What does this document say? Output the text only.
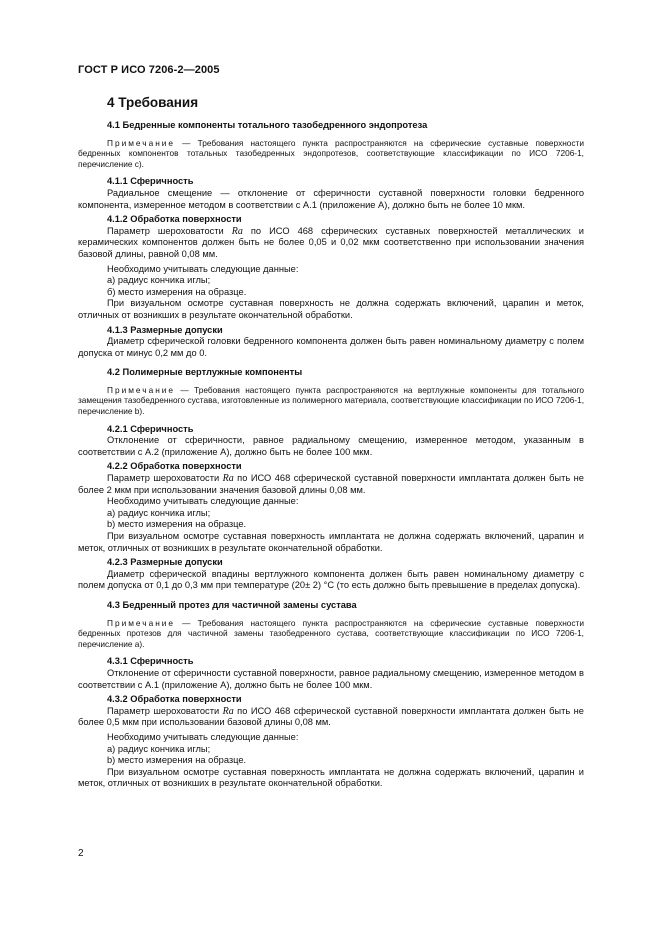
ГОСТ Р ИСО 7206-2—2005
4 Требования
4.1 Бедренные компоненты тотального тазобедренного эндопротеза
Примечание — Требования настоящего пункта распространяются на сферические суставные поверхности бедренных компонентов тотальных тазобедренных эндопротезов, соответствующие классификации по ИСО 7206-1, перечисление с).
4.1.1 Сферичность

Радиальное смещение — отклонение от сферичности суставной поверхности головки бедренного компонента, измеренное методом в соответствии с А.1 (приложение А), должно быть не более 10 мкм.

4.1.2 Обработка поверхности

Параметр шероховатости Ra по ИСО 468 сферических суставных поверхностей металлических и керамических компонентов должен быть не более 0,05 и 0,02 мкм соответственно при использовании значения базовой длины, равной 0,08 мм.

Необходимо учитывать следующие данные:

а) радиус кончика иглы;
б) место измерения на образце.

При визуальном осмотре суставная поверхность не должна содержать включений, царапин и меток, отличных от возникших в результате окончательной обработки.

4.1.3 Размерные допуски

Диаметр сферической головки бедренного компонента должен быть равен номинальному диаметру с полем допуска от минус 0,2 мм до 0.

4.2 Полимерные вертлужные компоненты
Примечание — Требования настоящего пункта распространяются на вертлужные компоненты для тотального замещения тазобедренного сустава, изготовленные из полимерного материала, соответствующие классификации по ИСО 7206-1, перечисление b).
4.2.1 Сферичность

Отклонение от сферичности, равное радиальному смещению, измеренное методом, указанным в соответствии с А.2 (приложение А), должно быть не более 100 мкм.

4.2.2 Обработка поверхности

Параметр шероховатости Ra по ИСО 468 сферической суставной поверхности имплантата должен быть не более 2 мкм при использовании значения базовой длины 0,08 мм.

Необходимо учитывать следующие данные:

a) радиус кончика иглы;
b) место измерения на образце.

При визуальном осмотре суставная поверхность имплантата не должна содержать включений, царапин и меток, отличных от возникших в результате окончательной обработки.

4.2.3 Размерные допуски

Диаметр сферической впадины вертлужного компонента должен быть равен номинальному диаметру с полем допуска от 0,1 до 0,3 мм при температуре (20± 2) °С (то есть должно быть превышение в пределах допуска).

4.3 Бедренный протез для частичной замены сустава
Примечание — Требования настоящего пункта распространяются на сферические суставные поверхности бедренных протезов для частичной замены тазобедренного сустава, соответствующие классификации по ИСО 7206-1, перечисление а).
4.3.1 Сферичность

Отклонение от сферичности суставной поверхности, равное радиальному смещению, измеренное методом в соответствии с А.1 (приложение А), должно быть не более 100 мкм.

4.3.2 Обработка поверхности

Параметр шероховатости Ra по ИСО 468 сферической суставной поверхности имплантата должен быть не более 0,5 мкм при использовании базовой длины 0,08 мм.

Необходимо учитывать следующие данные:

a) радиус кончика иглы;
b) место измерения на образце.

При визуальном осмотре суставная поверхность имплантата не должна содержать включений, царапин и меток, отличных от возникших в результате окончательной обработки.

2
